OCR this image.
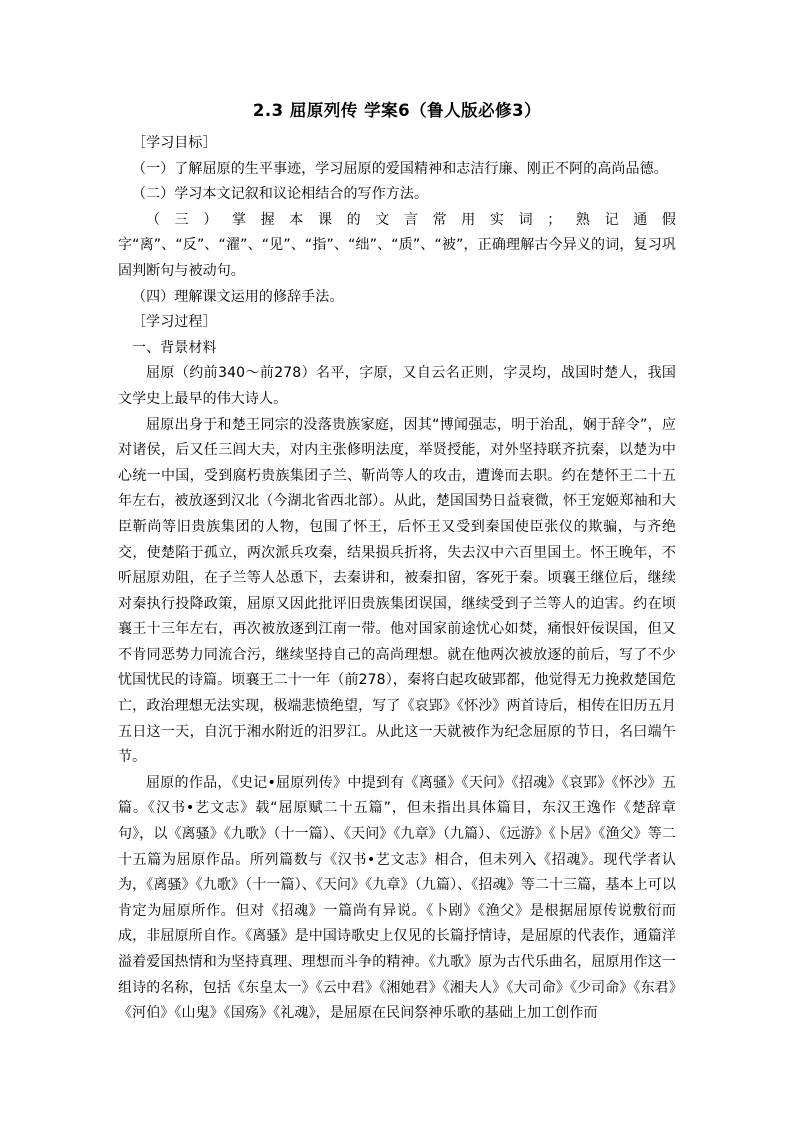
2.3 屈原列传 学案6（鲁人版必修3）

［学习目标］

（一）了解屈原的生平事迹，学习屈原的爱国精神和志洁行廉、刚正不阿的高尚品德。

（二）学习本文记叙和议论相结合的写作方法。

（三）掌握本课的文言常用实词；熟记通假字“离”、“反”、“濯”、“见”、“指”、“绌”、“质”、“被”，正确理解古今异义的词，复习巩固判断句与被动句。

（四）理解课文运用的修辞手法。

［学习过程］

一、背景材料

屈原（约前340～前278）名平，字原，又自云名正则，字灵均，战国时楚人，我国文学史上最早的伟大诗人。

屈原出身于和楚王同宗的没落贵族家庭，因其“博闻强志，明于治乱，娴于辞令”，应对诸侯，后又任三闾大夫，对内主张修明法度，举贤授能，对外坚持联齐抗秦，以楚为中心统一中国，受到腐朽贵族集团子兰、靳尚等人的攻击，遭谗而去职。约在楚怀王二十五年左右，被放逐到汉北（今湖北省西北部）。从此，楚国国势日益衰微，怀王宠姬郑袖和大臣靳尚等旧贵族集团的人物，包围了怀王，后怀王又受到秦国使臣张仪的欺骗，与齐绝交，使楚陷于孤立，两次派兵攻秦，结果损兵折将，失去汉中六百里国土。怀王晚年，不听屈原劝阻，在子兰等人怂恿下，去秦讲和，被秦扣留，客死于秦。顷襄王继位后，继续对秦执行投降政策，屈原又因此批评旧贵族集团误国，继续受到子兰等人的迫害。约在顷襄王十三年左右，再次被放逐到江南一带。他对国家前途忧心如焚，痛恨奸佞误国，但又不肯同恶势力同流合污，继续坚持自己的高尚理想。就在他两次被放逐的前后，写了不少忧国忧民的诗篇。顷襄王二十一年（前278），秦将白起攻破郢都，他觉得无力挽救楚国危亡，政治理想无法实现，极端悲愤绝望，写了《哀郢》《怀沙》两首诗后，相传在旧历五月五日这一天，自沉于湘水附近的汨罗江。从此这一天就被作为纪念屈原的节日，名曰端午节。

屈原的作品，《史记•屈原列传》中提到有《离骚》《天问》《招魂》《哀郢》《怀沙》五篇。《汉书•艺文志》载“屈原赋二十五篇”，但未指出具体篇目，东汉王逸作《楚辞章句》，以《离骚》《九歌》（十一篇）、《天问》《九章》（九篇）、《远游》《卜居》《渔父》等二十五篇为屈原作品。所列篇数与《汉书•艺文志》相合，但未列入《招魂》。现代学者认为，《离骚》《九歌》（十一篇）、《天问》《九章》（九篇）、《招魂》等二十三篇，基本上可以肯定为屈原所作。但对《招魂》一篇尚有异说。《卜剧》《渔父》是根据屈原传说敷衍而成，非屈原所自作。《离骚》是中国诗歌史上仅见的长篇抒情诗，是屈原的代表作，通篇洋溢着爱国热情和为坚持真理、理想而斗争的精神。《九歌》原为古代乐曲名，屈原用作这一组诗的名称，包括《东皇太一》《云中君》《湘她君》《湘夫人》《大司命》《少司命》《东君》《河伯》《山鬼》《国殇》《礼魂》，是屈原在民间祭神乐歌的基础上加工创作而
